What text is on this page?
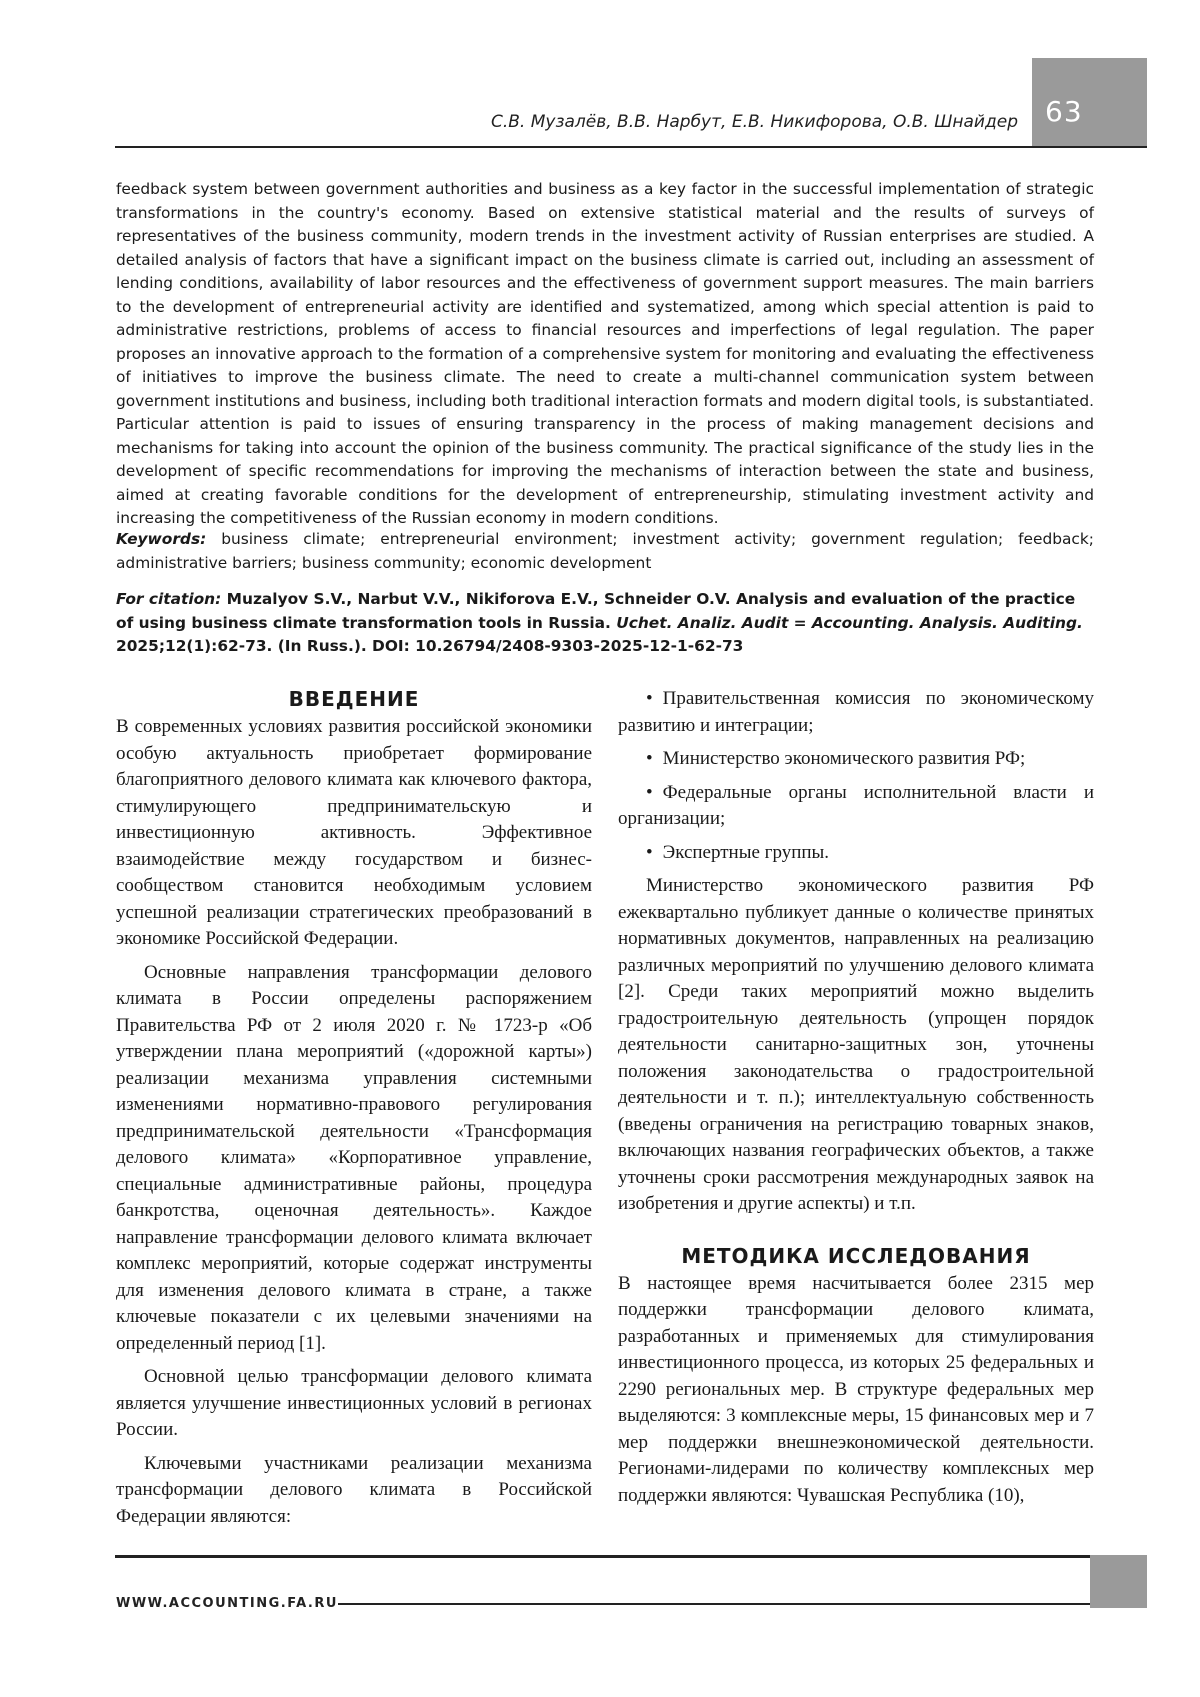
63
С.В. Музалёв, В.В. Нарбут, Е.В. Никифорова, О.В. Шнайдер

feedback system between government authorities and business as a key factor in the successful implementation of strategic transformations in the country's economy. Based on extensive statistical material and the results of surveys of representatives of the business community, modern trends in the investment activity of Russian enterprises are studied. A detailed analysis of factors that have a significant impact on the business climate is carried out, including an assessment of lending conditions, availability of labor resources and the effectiveness of government support measures. The main barriers to the development of entrepreneurial activity are identified and systematized, among which special attention is paid to administrative restrictions, problems of access to financial resources and imperfections of legal regulation. The paper proposes an innovative approach to the formation of a comprehensive system for monitoring and evaluating the effectiveness of initiatives to improve the business climate. The need to create a multi-channel communication system between government institutions and business, including both traditional interaction formats and modern digital tools, is substantiated. Particular attention is paid to issues of ensuring transparency in the process of making management decisions and mechanisms for taking into account the opinion of the business community. The practical significance of the study lies in the development of specific recommendations for improving the mechanisms of interaction between the state and business, aimed at creating favorable conditions for the development of entrepreneurship, stimulating investment activity and increasing the competitiveness of the Russian economy in modern conditions.

Keywords: business climate; entrepreneurial environment; investment activity; government regulation; feedback; administrative barriers; business community; economic development

For citation: Muzalyov S.V., Narbut V.V., Nikiforova E.V., Schneider O.V. Analysis and evaluation of the practice of using business climate transformation tools in Russia. Uchet. Analiz. Audit = Accounting. Analysis. Auditing. 2025;12(1):62-73. (In Russ.). DOI: 10.26794/2408-9303-2025-12-1-62-73

ВВЕДЕНИЕ

В современных условиях развития российской экономики особую актуальность приобретает формирование благоприятного делового климата как ключевого фактора, стимулирующего предпринимательскую и инвестиционную активность. Эффективное взаимодействие между государством и бизнес-сообществом становится необходимым условием успешной реализации стратегических преобразований в экономике Российской Федерации.

Основные направления трансформации делового климата в России определены распоряжением Правительства РФ от 2 июля 2020 г. № 1723-р «Об утверждении плана мероприятий («дорожной карты») реализации механизма управления системными изменениями нормативно-правового регулирования предпринимательской деятельности «Трансформация делового климата» «Корпоративное управление, специальные административные районы, процедура банкротства, оценочная деятельность». Каждое направление трансформации делового климата включает комплекс мероприятий, которые содержат инструменты для изменения делового климата в стране, а также ключевые показатели с их целевыми значениями на определенный период [1].

Основной целью трансформации делового климата является улучшение инвестиционных условий в регионах России.

Ключевыми участниками реализации механизма трансформации делового климата в Российской Федерации являются:

• Правительственная комиссия по экономическому развитию и интеграции;
• Министерство экономического развития РФ;
• Федеральные органы исполнительной власти и организации;
• Экспертные группы.

Министерство экономического развития РФ ежеквартально публикует данные о количестве принятых нормативных документов, направленных на реализацию различных мероприятий по улучшению делового климата [2]. Среди таких мероприятий можно выделить градостроительную деятельность (упрощен порядок деятельности санитарно-защитных зон, уточнены положения законодательства о градостроительной деятельности и т. п.); интеллектуальную собственность (введены ограничения на регистрацию товарных знаков, включающих названия географических объектов, а также уточнены сроки рассмотрения международных заявок на изобретения и другие аспекты) и т.п.

МЕТОДИКА ИССЛЕДОВАНИЯ

В настоящее время насчитывается более 2315 мер поддержки трансформации делового климата, разработанных и применяемых для стимулирования инвестиционного процесса, из которых 25 федеральных и 2290 региональных мер. В структуре федеральных мер выделяются: 3 комплексные меры, 15 финансовых мер и 7 мер поддержки внешнеэкономической деятельности. Регионами-лидерами по количеству комплексных мер поддержки являются: Чувашская Республика (10),

WWW.ACCOUNTING.FA.RU
